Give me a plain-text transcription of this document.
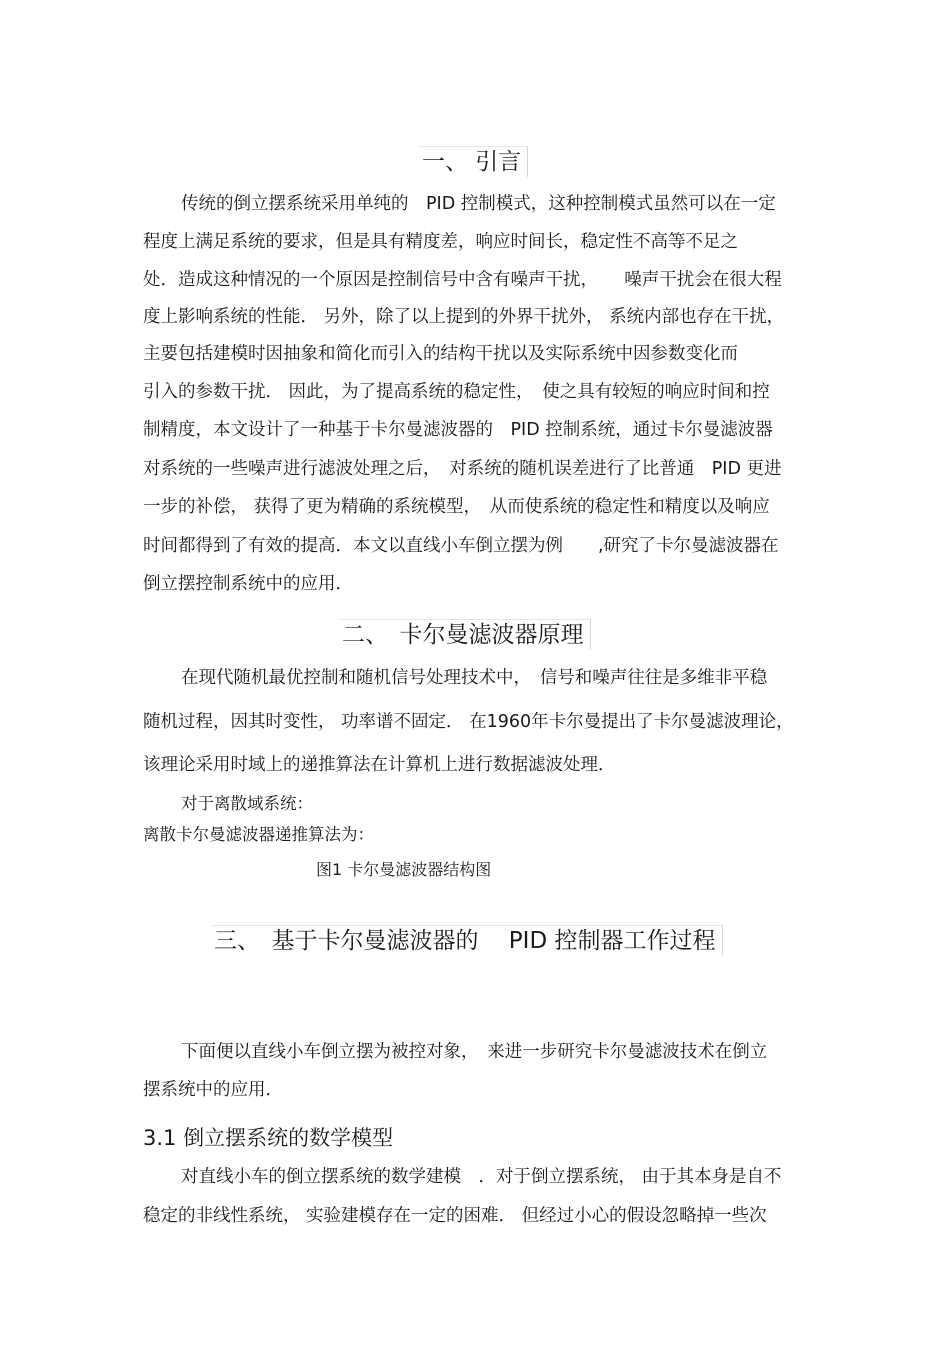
一、 引言
传统的倒立摆系统采用单纯的　PID 控制模式，这种控制模式虽然可以在一定
程度上满足系统的要求，但是具有精度差，响应时间长，稳定性不高等不足之
处．造成这种情况的一个原因是控制信号中含有噪声干扰，　　噪声干扰会在很大程
度上影响系统的性能． 另外，除了以上提到的外界干扰外， 系统内部也存在干扰，
主要包括建模时因抽象和简化而引入的结构干扰以及实际系统中因参数变化而
引入的参数干扰． 因此，为了提高系统的稳定性，　使之具有较短的响应时间和控
制精度，本文设计了一种基于卡尔曼滤波器的　PID 控制系统，通过卡尔曼滤波器
对系统的一些噪声进行滤波处理之后，　对系统的随机误差进行了比普通　PID 更进
一步的补偿， 获得了更为精确的系统模型，　从而使系统的稳定性和精度以及响应
时间都得到了有效的提高．本文以直线小车倒立摆为例　　,研究了卡尔曼滤波器在
倒立摆控制系统中的应用．
二、　卡尔曼滤波器原理
在现代随机最优控制和随机信号处理技术中，　信号和噪声往往是多维非平稳
随机过程，因其时变性， 功率谱不固定． 在1960年卡尔曼提出了卡尔曼滤波理论，
该理论采用时域上的递推算法在计算机上进行数据滤波处理．
对于离散域系统：
离散卡尔曼滤波器递推算法为：
图1 卡尔曼滤波器结构图
三、　基于卡尔曼滤波器的　 PID 控制器工作过程
下面便以直线小车倒立摆为被控对象，　来进一步研究卡尔曼滤波技术在倒立
摆系统中的应用．
3.1 倒立摆系统的数学模型
对直线小车的倒立摆系统的数学建模　．对于倒立摆系统， 由于其本身是自不
稳定的非线性系统， 实验建模存在一定的困难． 但经过小心的假设忽略掉一些次
